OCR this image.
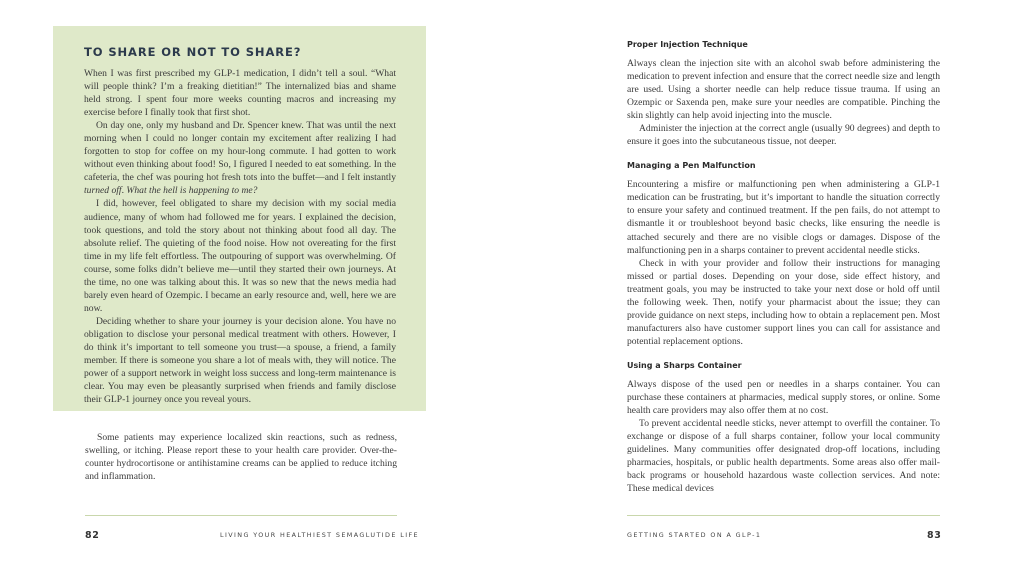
TO SHARE OR NOT TO SHARE?

When I was first prescribed my GLP-1 medication, I didn’t tell a soul. “What will people think? I’m a freaking dietitian!” The internalized bias and shame held strong. I spent four more weeks counting macros and increasing my exercise before I finally took that first shot.

On day one, only my husband and Dr. Spencer knew. That was until the next morning when I could no longer contain my excitement after realizing I had forgotten to stop for coffee on my hour-long commute. I had gotten to work without even thinking about food! So, I figured I needed to eat something. In the cafeteria, the chef was pouring hot fresh tots into the buffet—and I felt instantly turned off. What the hell is happening to me?

I did, however, feel obligated to share my decision with my social media audience, many of whom had followed me for years. I explained the decision, took questions, and told the story about not thinking about food all day. The absolute relief. The quieting of the food noise. How not overeating for the first time in my life felt effortless. The outpouring of support was overwhelming. Of course, some folks didn’t believe me—until they started their own journeys. At the time, no one was talking about this. It was so new that the news media had barely even heard of Ozempic. I became an early resource and, well, here we are now.

Deciding whether to share your journey is your decision alone. You have no obligation to disclose your personal medical treatment with others. However, I do think it’s important to tell someone you trust—a spouse, a friend, a family member. If there is someone you share a lot of meals with, they will notice. The power of a support network in weight loss success and long-term maintenance is clear. You may even be pleasantly surprised when friends and family disclose their GLP-1 journey once you reveal yours.

Some patients may experience localized skin reactions, such as redness, swelling, or itching. Please report these to your health care provider. Over-the-counter hydrocortisone or antihistamine creams can be applied to reduce itching and inflammation.

82	LIVING YOUR HEALTHIEST SEMAGLUTIDE LIFE
Proper Injection Technique

Always clean the injection site with an alcohol swab before administering the medication to prevent infection and ensure that the correct needle size and length are used. Using a shorter needle can help reduce tissue trauma. If using an Ozempic or Saxenda pen, make sure your needles are compatible. Pinching the skin slightly can help avoid injecting into the muscle.

Administer the injection at the correct angle (usually 90 degrees) and depth to ensure it goes into the subcutaneous tissue, not deeper.

Managing a Pen Malfunction

Encountering a misfire or malfunctioning pen when administering a GLP-1 medication can be frustrating, but it’s important to handle the situation correctly to ensure your safety and continued treatment. If the pen fails, do not attempt to dismantle it or troubleshoot beyond basic checks, like ensuring the needle is attached securely and there are no visible clogs or damages. Dispose of the malfunctioning pen in a sharps container to prevent accidental needle sticks.

Check in with your provider and follow their instructions for managing missed or partial doses. Depending on your dose, side effect history, and treatment goals, you may be instructed to take your next dose or hold off until the following week. Then, notify your pharmacist about the issue; they can provide guidance on next steps, including how to obtain a replacement pen. Most manufacturers also have customer support lines you can call for assistance and potential replacement options.

Using a Sharps Container

Always dispose of the used pen or needles in a sharps container. You can purchase these containers at pharmacies, medical supply stores, or online. Some health care providers may also offer them at no cost.

To prevent accidental needle sticks, never attempt to overfill the container. To exchange or dispose of a full sharps container, follow your local community guidelines. Many communities offer designated drop-off locations, including pharmacies, hospitals, or public health departments. Some areas also offer mail-back programs or household hazardous waste collection services. And note: These medical devices

GETTING STARTED ON A GLP-1	83
